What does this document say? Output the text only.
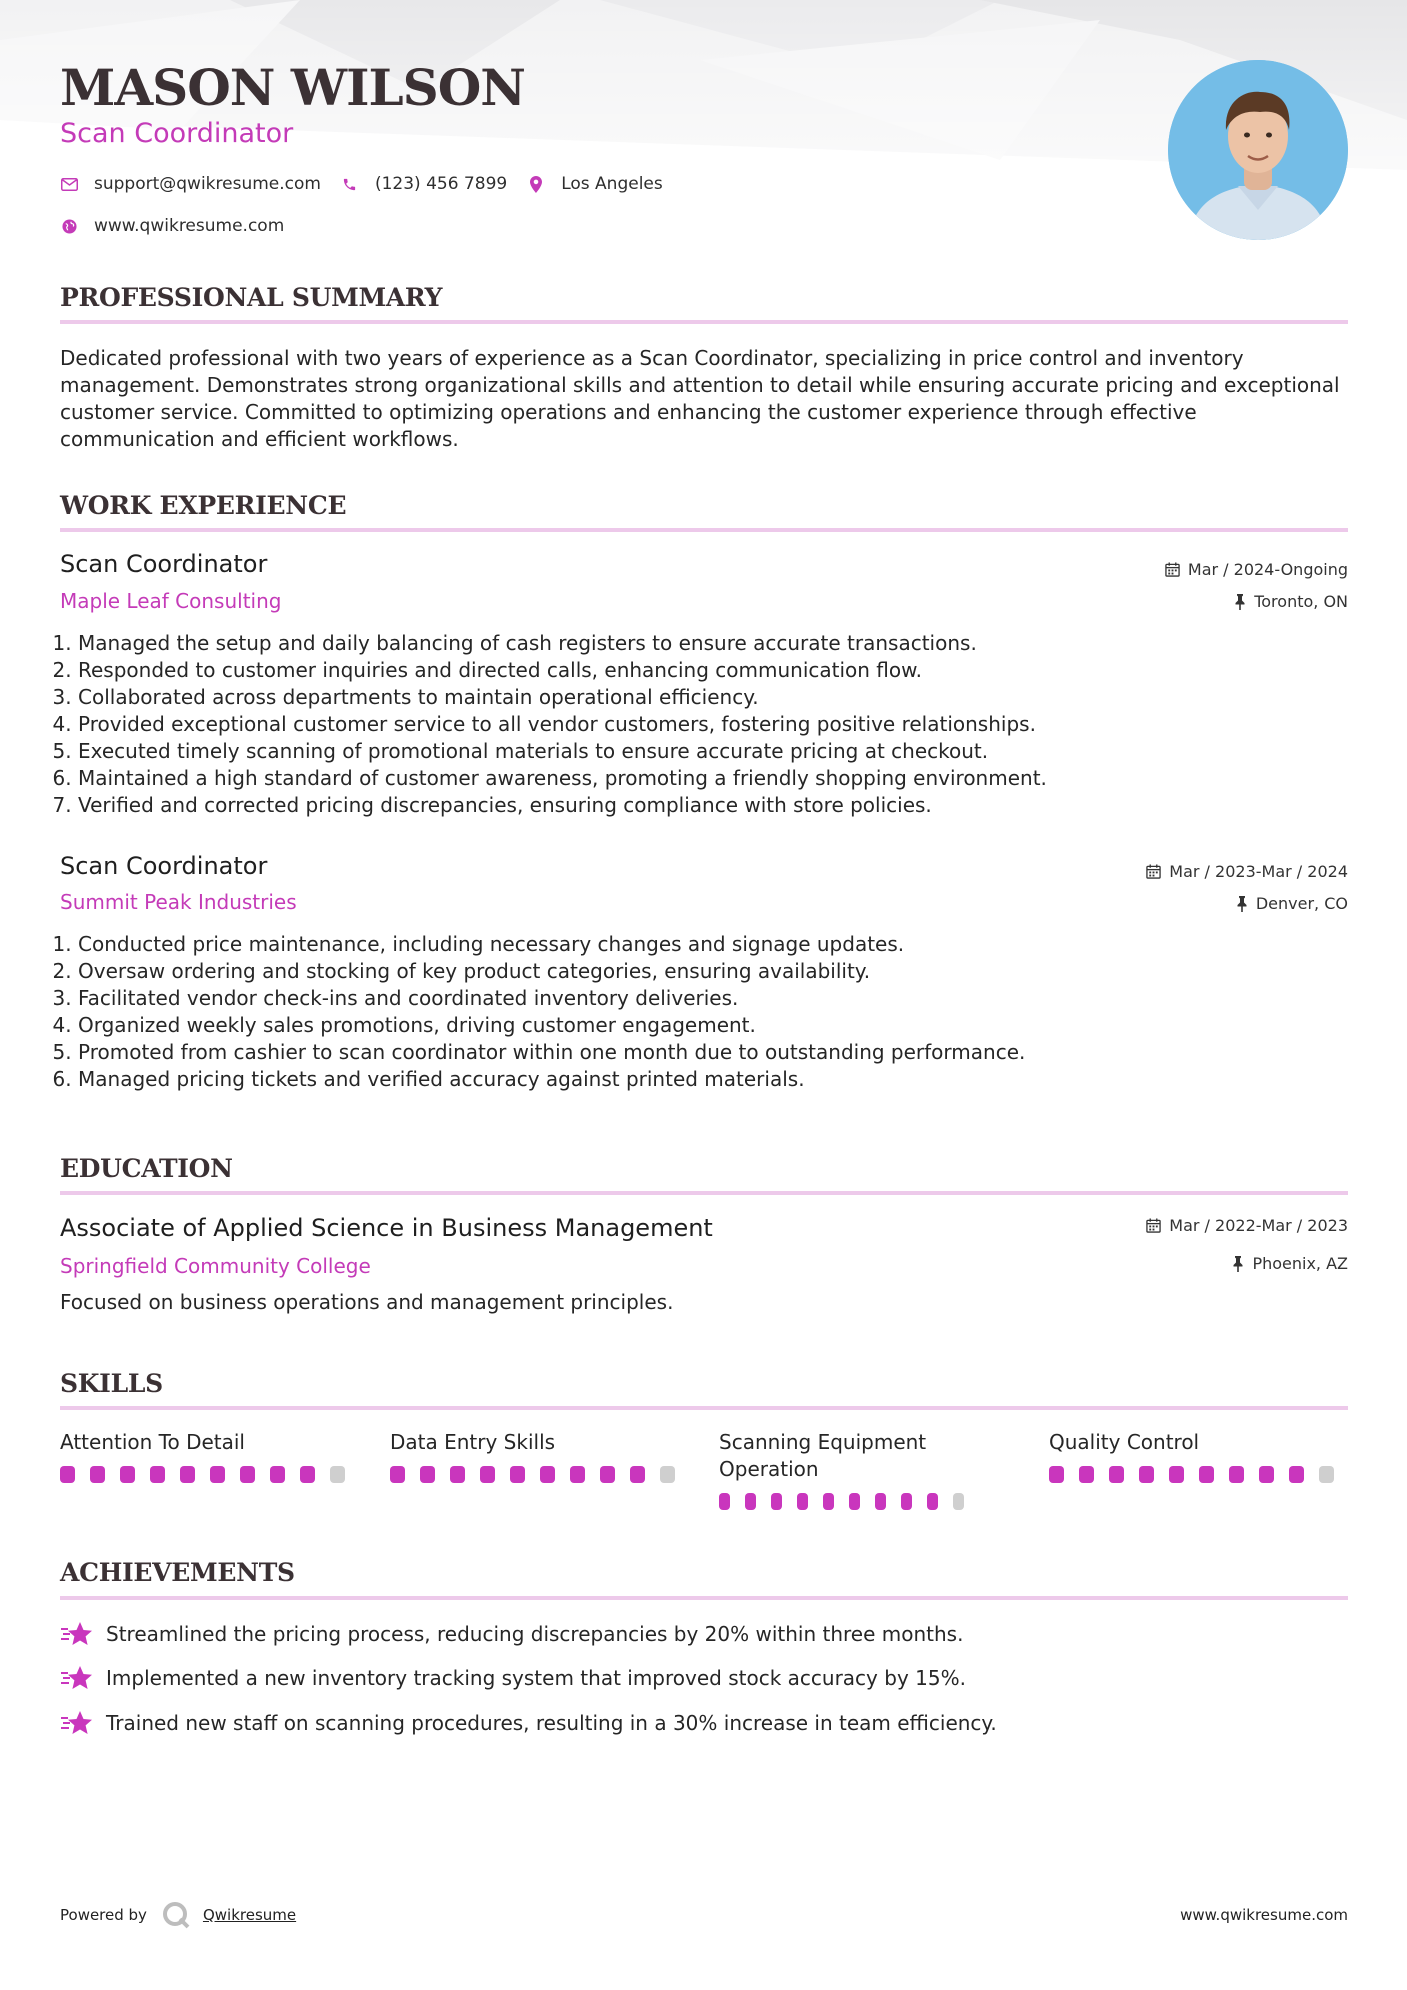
MASON WILSON
Scan Coordinator
support@qwikresume.com	(123) 456 7899	Los Angeles
www.qwikresume.com
PROFESSIONAL SUMMARY
Dedicated professional with two years of experience as a Scan Coordinator, specializing in price control and inventory management. Demonstrates strong organizational skills and attention to detail while ensuring accurate pricing and exceptional customer service. Committed to optimizing operations and enhancing the customer experience through effective communication and efficient workflows.
WORK EXPERIENCE
Scan Coordinator
Maple Leaf Consulting
Mar / 2024-Ongoing
Toronto, ON
1. Managed the setup and daily balancing of cash registers to ensure accurate transactions.
2. Responded to customer inquiries and directed calls, enhancing communication flow.
3. Collaborated across departments to maintain operational efficiency.
4. Provided exceptional customer service to all vendor customers, fostering positive relationships.
5. Executed timely scanning of promotional materials to ensure accurate pricing at checkout.
6. Maintained a high standard of customer awareness, promoting a friendly shopping environment.
7. Verified and corrected pricing discrepancies, ensuring compliance with store policies.
Scan Coordinator
Summit Peak Industries
Mar / 2023-Mar / 2024
Denver, CO
1. Conducted price maintenance, including necessary changes and signage updates.
2. Oversaw ordering and stocking of key product categories, ensuring availability.
3. Facilitated vendor check-ins and coordinated inventory deliveries.
4. Organized weekly sales promotions, driving customer engagement.
5. Promoted from cashier to scan coordinator within one month due to outstanding performance.
6. Managed pricing tickets and verified accuracy against printed materials.
EDUCATION
Associate of Applied Science in Business Management
Springfield Community College
Mar / 2022-Mar / 2023
Phoenix, AZ
Focused on business operations and management principles.
SKILLS
Attention To Detail	Data Entry Skills	Scanning Equipment Operation
Quality Control
ACHIEVEMENTS
Streamlined the pricing process, reducing discrepancies by 20% within three months.
Implemented a new inventory tracking system that improved stock accuracy by 15%.
Trained new staff on scanning procedures, resulting in a 30% increase in team efficiency.
Powered by	Qwikresume	www.qwikresume.com
